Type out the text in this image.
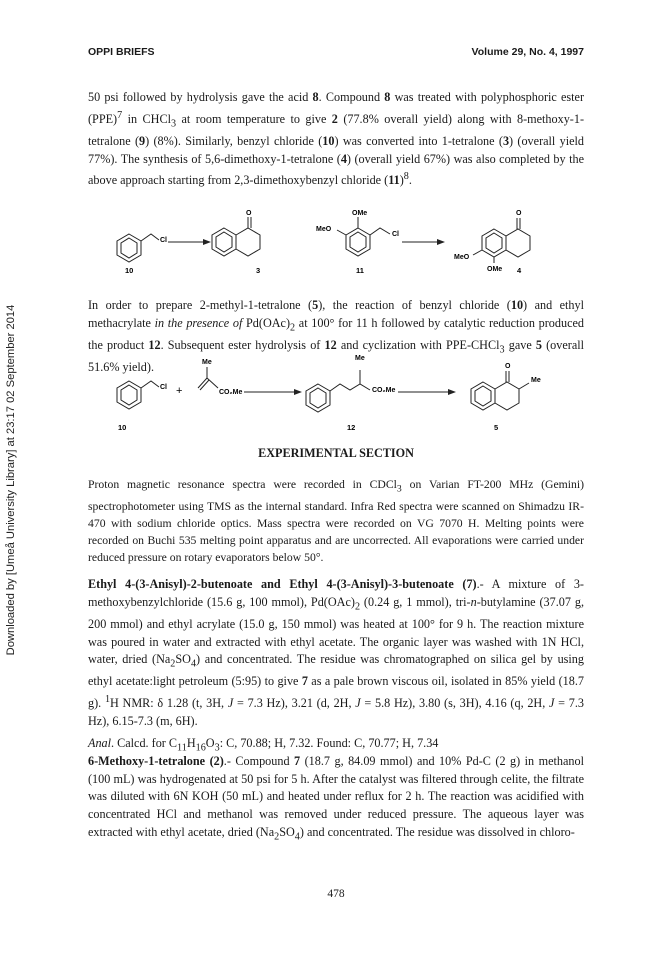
Downloaded by [Umeå University Library] at 23:17 02 September 2014
OPPI BRIEFS	Volume 29, No. 4, 1997
50 psi followed by hydrolysis gave the acid 8. Compound 8 was treated with polyphosphoric ester (PPE)$^7$ in CHCl$_3$ at room temperature to give 2 (77.8% overall yield) along with 8-methoxy-1-tetralone (9) (8%). Similarly, benzyl chloride (10) was converted into 1-tetralone (3) (overall yield 77%). The synthesis of 5,6-dimethoxy-1-tetralone (4) (overall yield 67%) was also completed by the above approach starting from 2,3-dimethoxybenzyl chloride $(11)^8$.
Cl
O	OMe
MeO
Cl
O
MeO
OMe
10	3	11	4
In order to prepare 2-methyl-1-tetralone (5), the reaction of benzyl chloride (10) and ethyl methacrylate in the presence of $Pd(OAc)_2$ at 100° for 11 h followed by catalytic reduction produced the product 12. Subsequent ester hydrolysis of 12 and cyclization with PPE-CHCl$_3$ gave 5 (overall 51.6% yield).
Cl +
Me
CO₂Me
Me
CO₂Me
O
Me
10	12	5
EXPERIMENTAL SECTION
Proton magnetic resonance spectra were recorded in CDCl$_3$ on Varian FT-200 MHz (Gemini) spectrophotometer using TMS as the internal standard. Infra Red spectra were scanned on Shimadzu IR-470 with sodium chloride optics. Mass spectra were recorded on VG 7070 H. Melting points were recorded on Buchi 535 melting point apparatus and are uncorrected. All evaporations were carried under reduced pressure on rotary evaporators below 50°.
Ethyl 4-(3-Anisyl)-2-butenoate and Ethyl 4-(3-Anisyl)-3-butenoate (7).- A mixture of 3-methoxybenzylchloride (15.6 g, 100 mmol), $Pd(OAc)_2$ (0.24 g, 1 mmol), tri-n-butylamine (37.07 g, 200 mmol) and ethyl acrylate (15.0 g, 150 mmol) was heated at 100° for 9 h. The reaction mixture was poured in water and extracted with ethyl acetate. The organic layer was washed with 1N HCl, water, dried $(Na_2SO_4)$ and concentrated. The residue was chromatographed on silica gel by using ethyl acetate:light petroleum (5:95) to give 7 as a pale brown viscous oil, isolated in 85% yield (18.7 g). $^1$H NMR: δ 1.28 (t, 3H, J = 7.3 Hz), 3.21 (d, 2H, J = 5.8 Hz), 3.80 (s, 3H), 4.16 (q, 2H, J = 7.3 Hz), 6.15-7.3 (m, 6H).
Anal. Calcd. for $C_{11}H_{16}O_3$: C, 70.88; H, 7.32. Found: C, 70.77; H, 7.34
6-Methoxy-1-tetralone (2).- Compound 7 (18.7 g, 84.09 mmol) and 10% Pd-C (2 g) in methanol (100 mL) was hydrogenated at 50 psi for 5 h. After the catalyst was filtered through celite, the filtrate was diluted with 6N KOH (50 mL) and heated under reflux for 2 h. The reaction was acidified with concentrated HCl and methanol was removed under reduced pressure. The aqueous layer was extracted with ethyl acetate, dried $(Na_2SO_4)$ and concentrated. The residue was dissolved in chloro-
478
